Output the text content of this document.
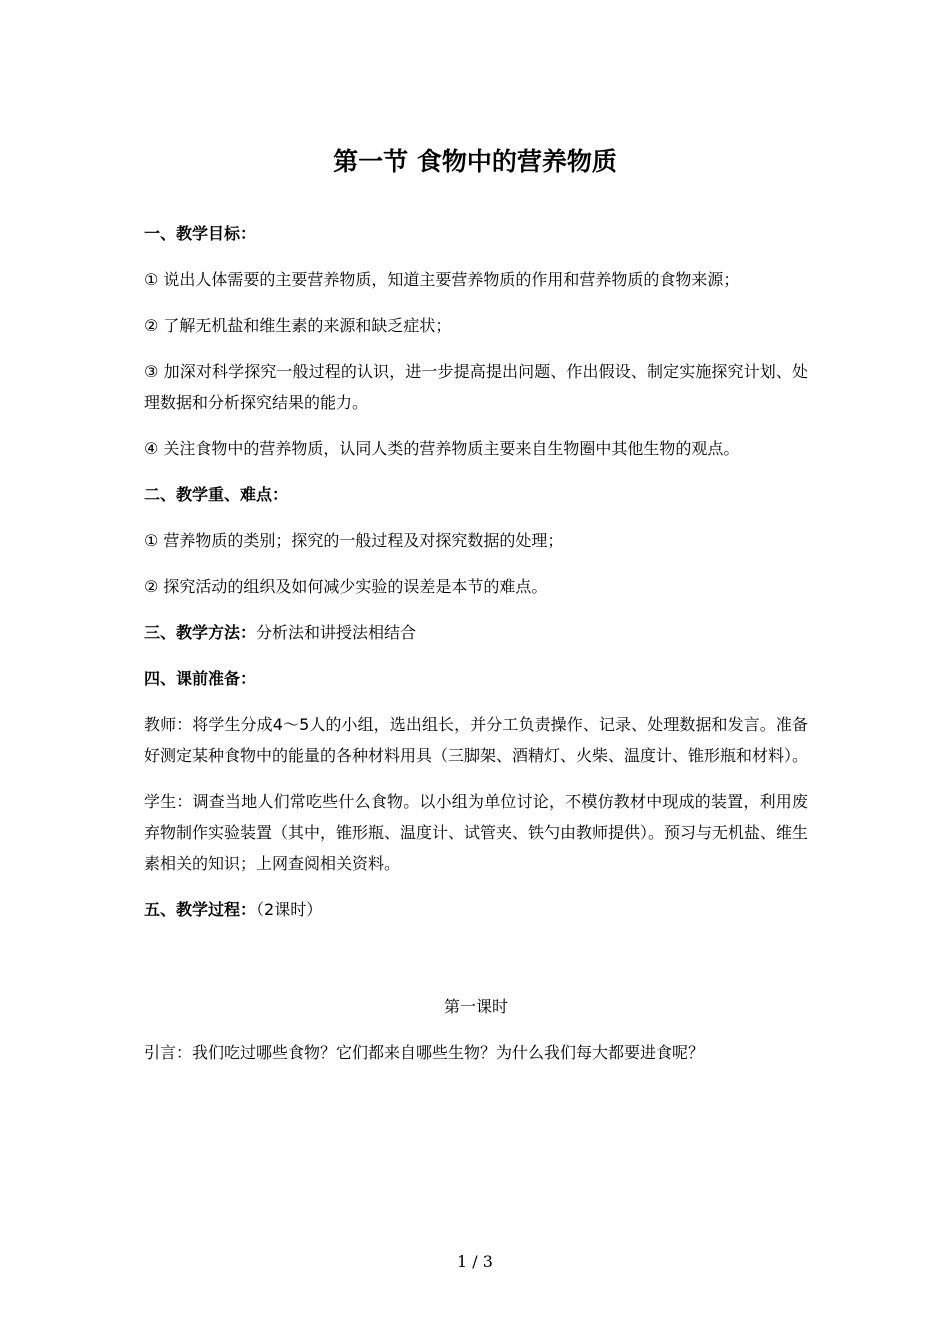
第一节 食物中的营养物质

一、教学目标：

① 说出人体需要的主要营养物质，知道主要营养物质的作用和营养物质的食物来源；

② 了解无机盐和维生素的来源和缺乏症状；

③ 加深对科学探究一般过程的认识，进一步提高提出问题、作出假设、制定实施探究计划、处理数据和分析探究结果的能力。

④ 关注食物中的营养物质，认同人类的营养物质主要来自生物圈中其他生物的观点。

二、教学重、难点：

① 营养物质的类别；探究的一般过程及对探究数据的处理；

② 探究活动的组织及如何减少实验的误差是本节的难点。

三、教学方法：分析法和讲授法相结合

四、课前准备：

教师：将学生分成4～5人的小组，选出组长，并分工负责操作、记录、处理数据和发言。准备好测定某种食物中的能量的各种材料用具（三脚架、酒精灯、火柴、温度计、锥形瓶和材料）。

学生：调查当地人们常吃些什么食物。以小组为单位讨论，不模仿教材中现成的装置，利用废弃物制作实验装置（其中，锥形瓶、温度计、试管夹、铁勺由教师提供）。预习与无机盐、维生素相关的知识；上网查阅相关资料。

五、教学过程：（2课时）

第一课时

引言：我们吃过哪些食物？它们都来自哪些生物？为什么我们每大都要进食呢？

1 / 3
